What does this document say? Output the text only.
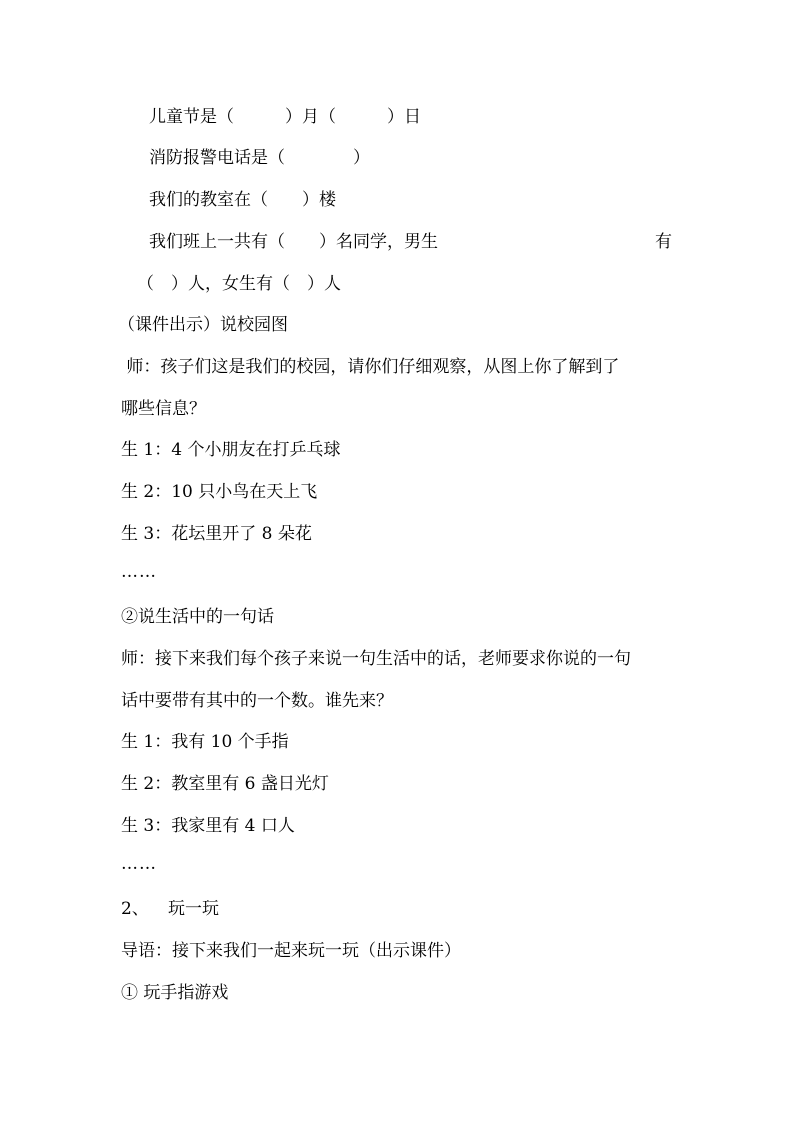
儿童节是（　　　）月（　　　）日
消防报警电话是（　　　　）
我们的教室在（　　）楼
我们班上一共有（　　）名同学，男生	有
（　）人，女生有（　）人
（课件出示）说校园图
师：孩子们这是我们的校园，请你们仔细观察，从图上你了解到了
哪些信息？
生 1：4 个小朋友在打乒乓球
生 2：10 只小鸟在天上飞
生 3：花坛里开了 8 朵花
……
②说生活中的一句话
师：接下来我们每个孩子来说一句生活中的话，老师要求你说的一句
话中要带有其中的一个数。谁先来？
生 1：我有 10 个手指
生 2：教室里有 6 盏日光灯
生 3：我家里有 4 口人
……
2、 玩一玩
导语：接下来我们一起来玩一玩（出示课件）
① 玩手指游戏
